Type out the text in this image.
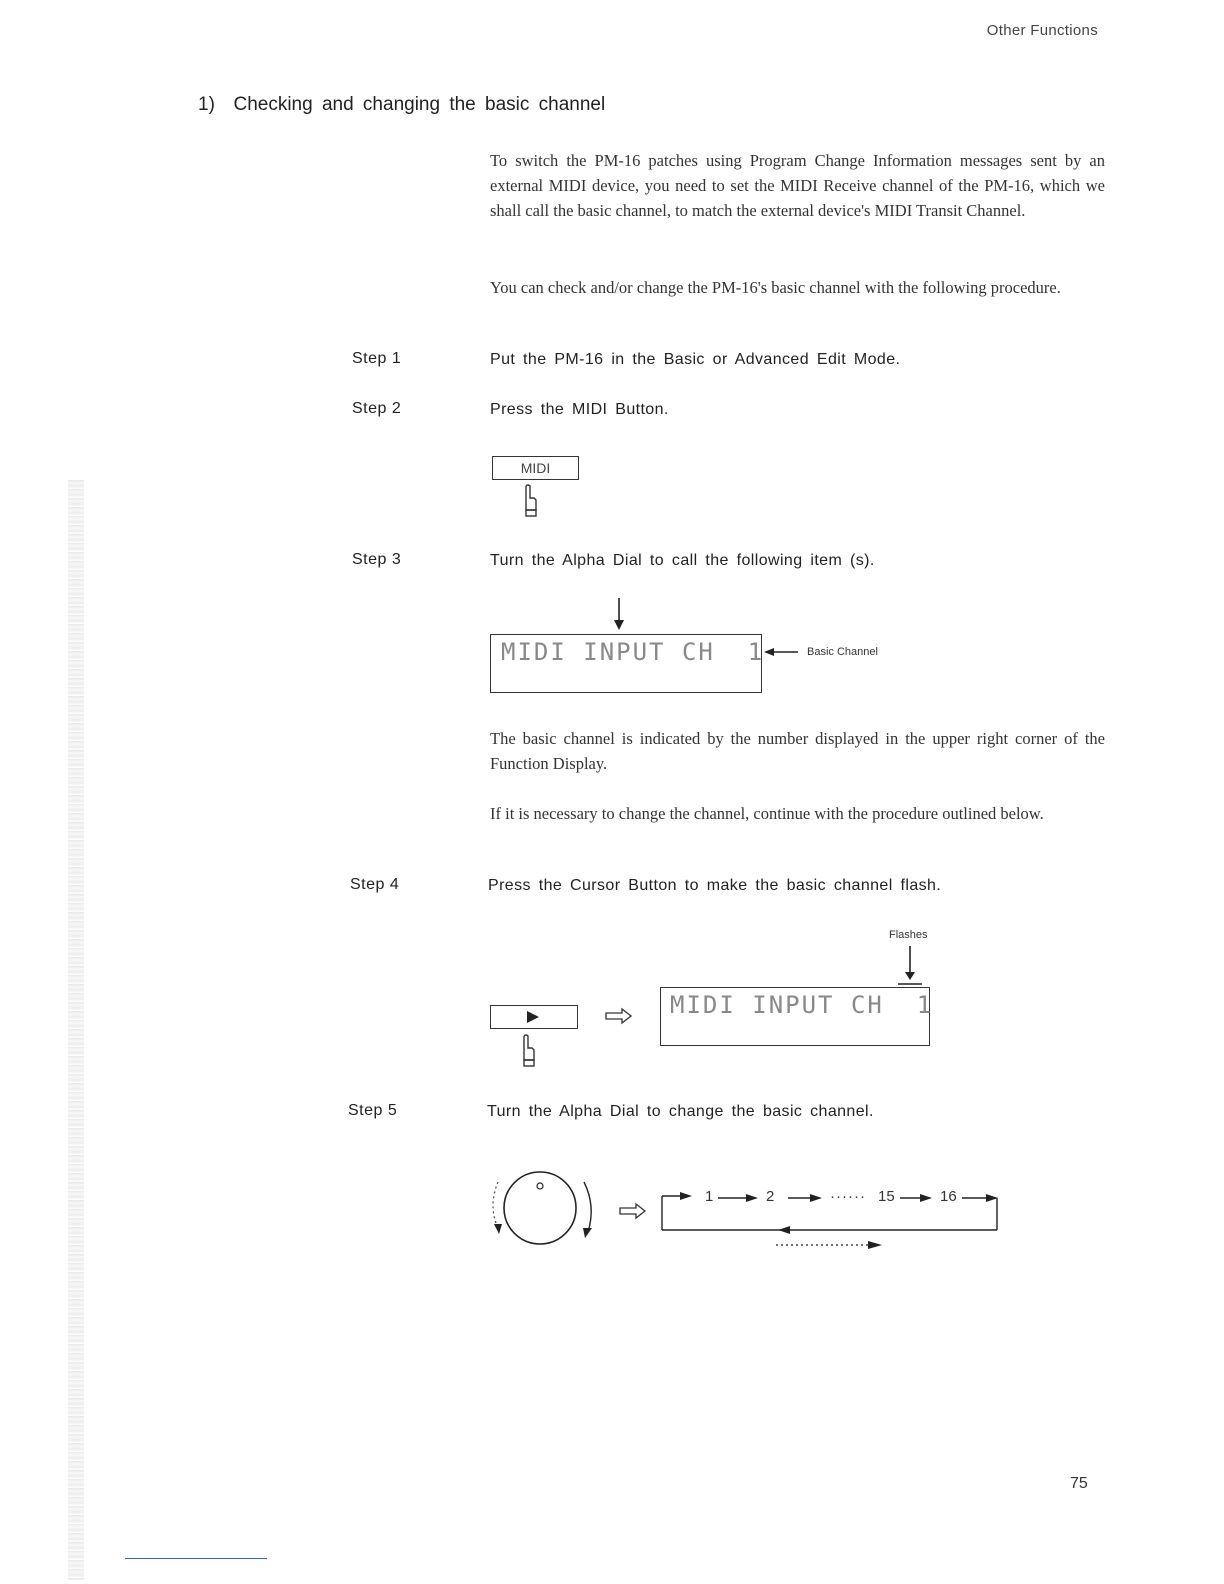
Other Functions
1) Checking and changing the basic channel
To switch the PM-16 patches using Program Change Information messages sent by an external MIDI device, you need to set the MIDI Receive channel of the PM-16, which we shall call the basic channel, to match the external device's MIDI Transit Channel.
You can check and/or change the PM-16's basic channel with the following procedure.
Step 1	Put the PM-16 in the Basic or Advanced Edit Mode.
Step 2	Press the MIDI Button.
MIDI
Step 3	Turn the Alpha Dial to call the following item (s).
MIDI INPUT CH  1	Basic Channel
The basic channel is indicated by the number displayed in the upper right corner of the Function Display.
If it is necessary to change the channel, continue with the procedure outlined below.
Step 4	Press the Cursor Button to make the basic channel flash.
Flashes
MIDI INPUT CH  1
Step 5	Turn the Alpha Dial to change the basic channel.
1	2	······ 15	16
75
